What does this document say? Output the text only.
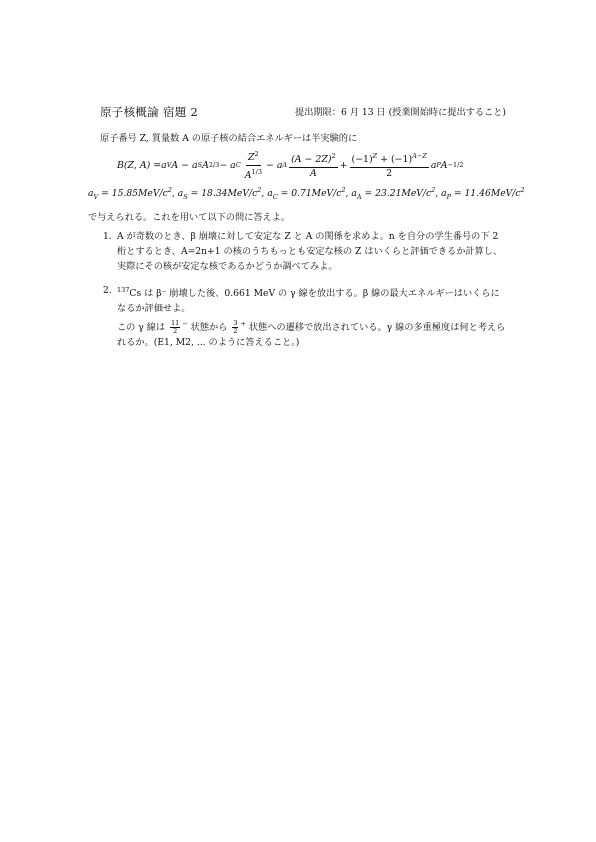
原子核概論 宿題 2	提出期限：6 月 13 日 (授業開始時に提出すること)
原子番号 Z, 質量数 A の原子核の結合エネルギーは半実験的に
B(Z, A) = a V A − a S A 2/3 − a C $\frac{Z^2}{A^{1/3}} - a$ A $\frac{(A - 2Z)^2}{A} + \frac{(-1)^Z + (-1)^{A-Z}}{2}$ a P A −1/2
$a_V = 15.85MeV/c^2$, $a_S = 18.34MeV/c^2$, $a_C = 0.71MeV/c^2$, $a_A = 23.21MeV/c^2$, $a_P = 11.46MeV/c^2$
で与えられる。これを用いて以下の問に答えよ。
1. A が奇数のとき、β 崩壊に対して安定な Z と A の関係を求めよ。n を自分の学生番号の下 2
桁とするとき、A=2n+1 の核のうちもっとも安定な核の Z はいくらと評価できるか計算し、
実際にその核が安定な核であるかどうか調べてみよ。
2. $^{137}$Cs は β⁻ 崩壊した後、0.661 MeV の γ 線を放出する。β 線の最大エネルギーはいくらに
なるか評価せよ。
この γ 線は $\frac{11}{2} ^-$ 状態から $\frac{3}{2} ^+$ 状態への遷移で放出されている。γ 線の多重極度は何と考えら
れるか。(E1, M2, ... のように答えること。)
